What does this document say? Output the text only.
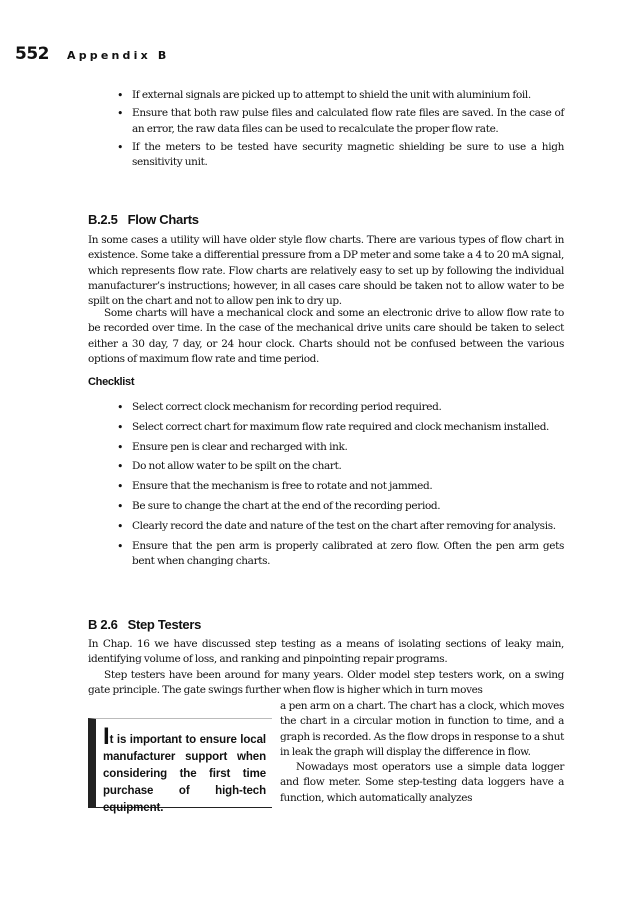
552 Appendix B
• If external signals are picked up to attempt to shield the unit with aluminium foil.
• Ensure that both raw pulse files and calculated flow rate files are saved. In the case of an error, the raw data files can be used to recalculate the proper flow rate.
• If the meters to be tested have security magnetic shielding be sure to use a high sensitivity unit.
B.2.5 Flow Charts

In some cases a utility will have older style flow charts. There are various types of flow chart in existence. Some take a differential pressure from a DP meter and some take a 4 to 20 mA signal, which represents flow rate. Flow charts are relatively easy to set up by following the individual manufacturer’s instructions; however, in all cases care should be taken not to allow water to be spilt on the chart and not to allow pen ink to dry up.

Some charts will have a mechanical clock and some an electronic drive to allow flow rate to be recorded over time. In the case of the mechanical drive units care should be taken to select either a 30 day, 7 day, or 24 hour clock. Charts should not be confused between the various options of maximum flow rate and time period.

Checklist
• Select correct clock mechanism for recording period required.
• Select correct chart for maximum flow rate required and clock mechanism installed.
• Ensure pen is clear and recharged with ink.
• Do not allow water to be spilt on the chart.
• Ensure that the mechanism is free to rotate and not jammed.
• Be sure to change the chart at the end of the recording period.
• Clearly record the date and nature of the test on the chart after removing for analysis.
• Ensure that the pen arm is properly calibrated at zero flow. Often the pen arm gets bent when changing charts.
B 2.6 Step Testers

In Chap. 16 we have discussed step testing as a means of isolating sections of leaky main, identifying volume of loss, and ranking and pinpointing repair programs.

Step testers have been around for many years. Older model step testers work, on a swing gate principle. The gate swings further when flow is higher which in turn moves

a pen arm on a chart. The chart has a clock, which moves the chart in a circular motion in function to time, and a graph is recorded. As the flow drops in response to a shut in leak the graph will display the difference in flow.
Nowadays most operators use a simple data logger and flow meter. Some step-testing data loggers have a function, which automatically analyzes
It is important to ensure local manufacturer support when considering the first time purchase of high-tech equipment.
